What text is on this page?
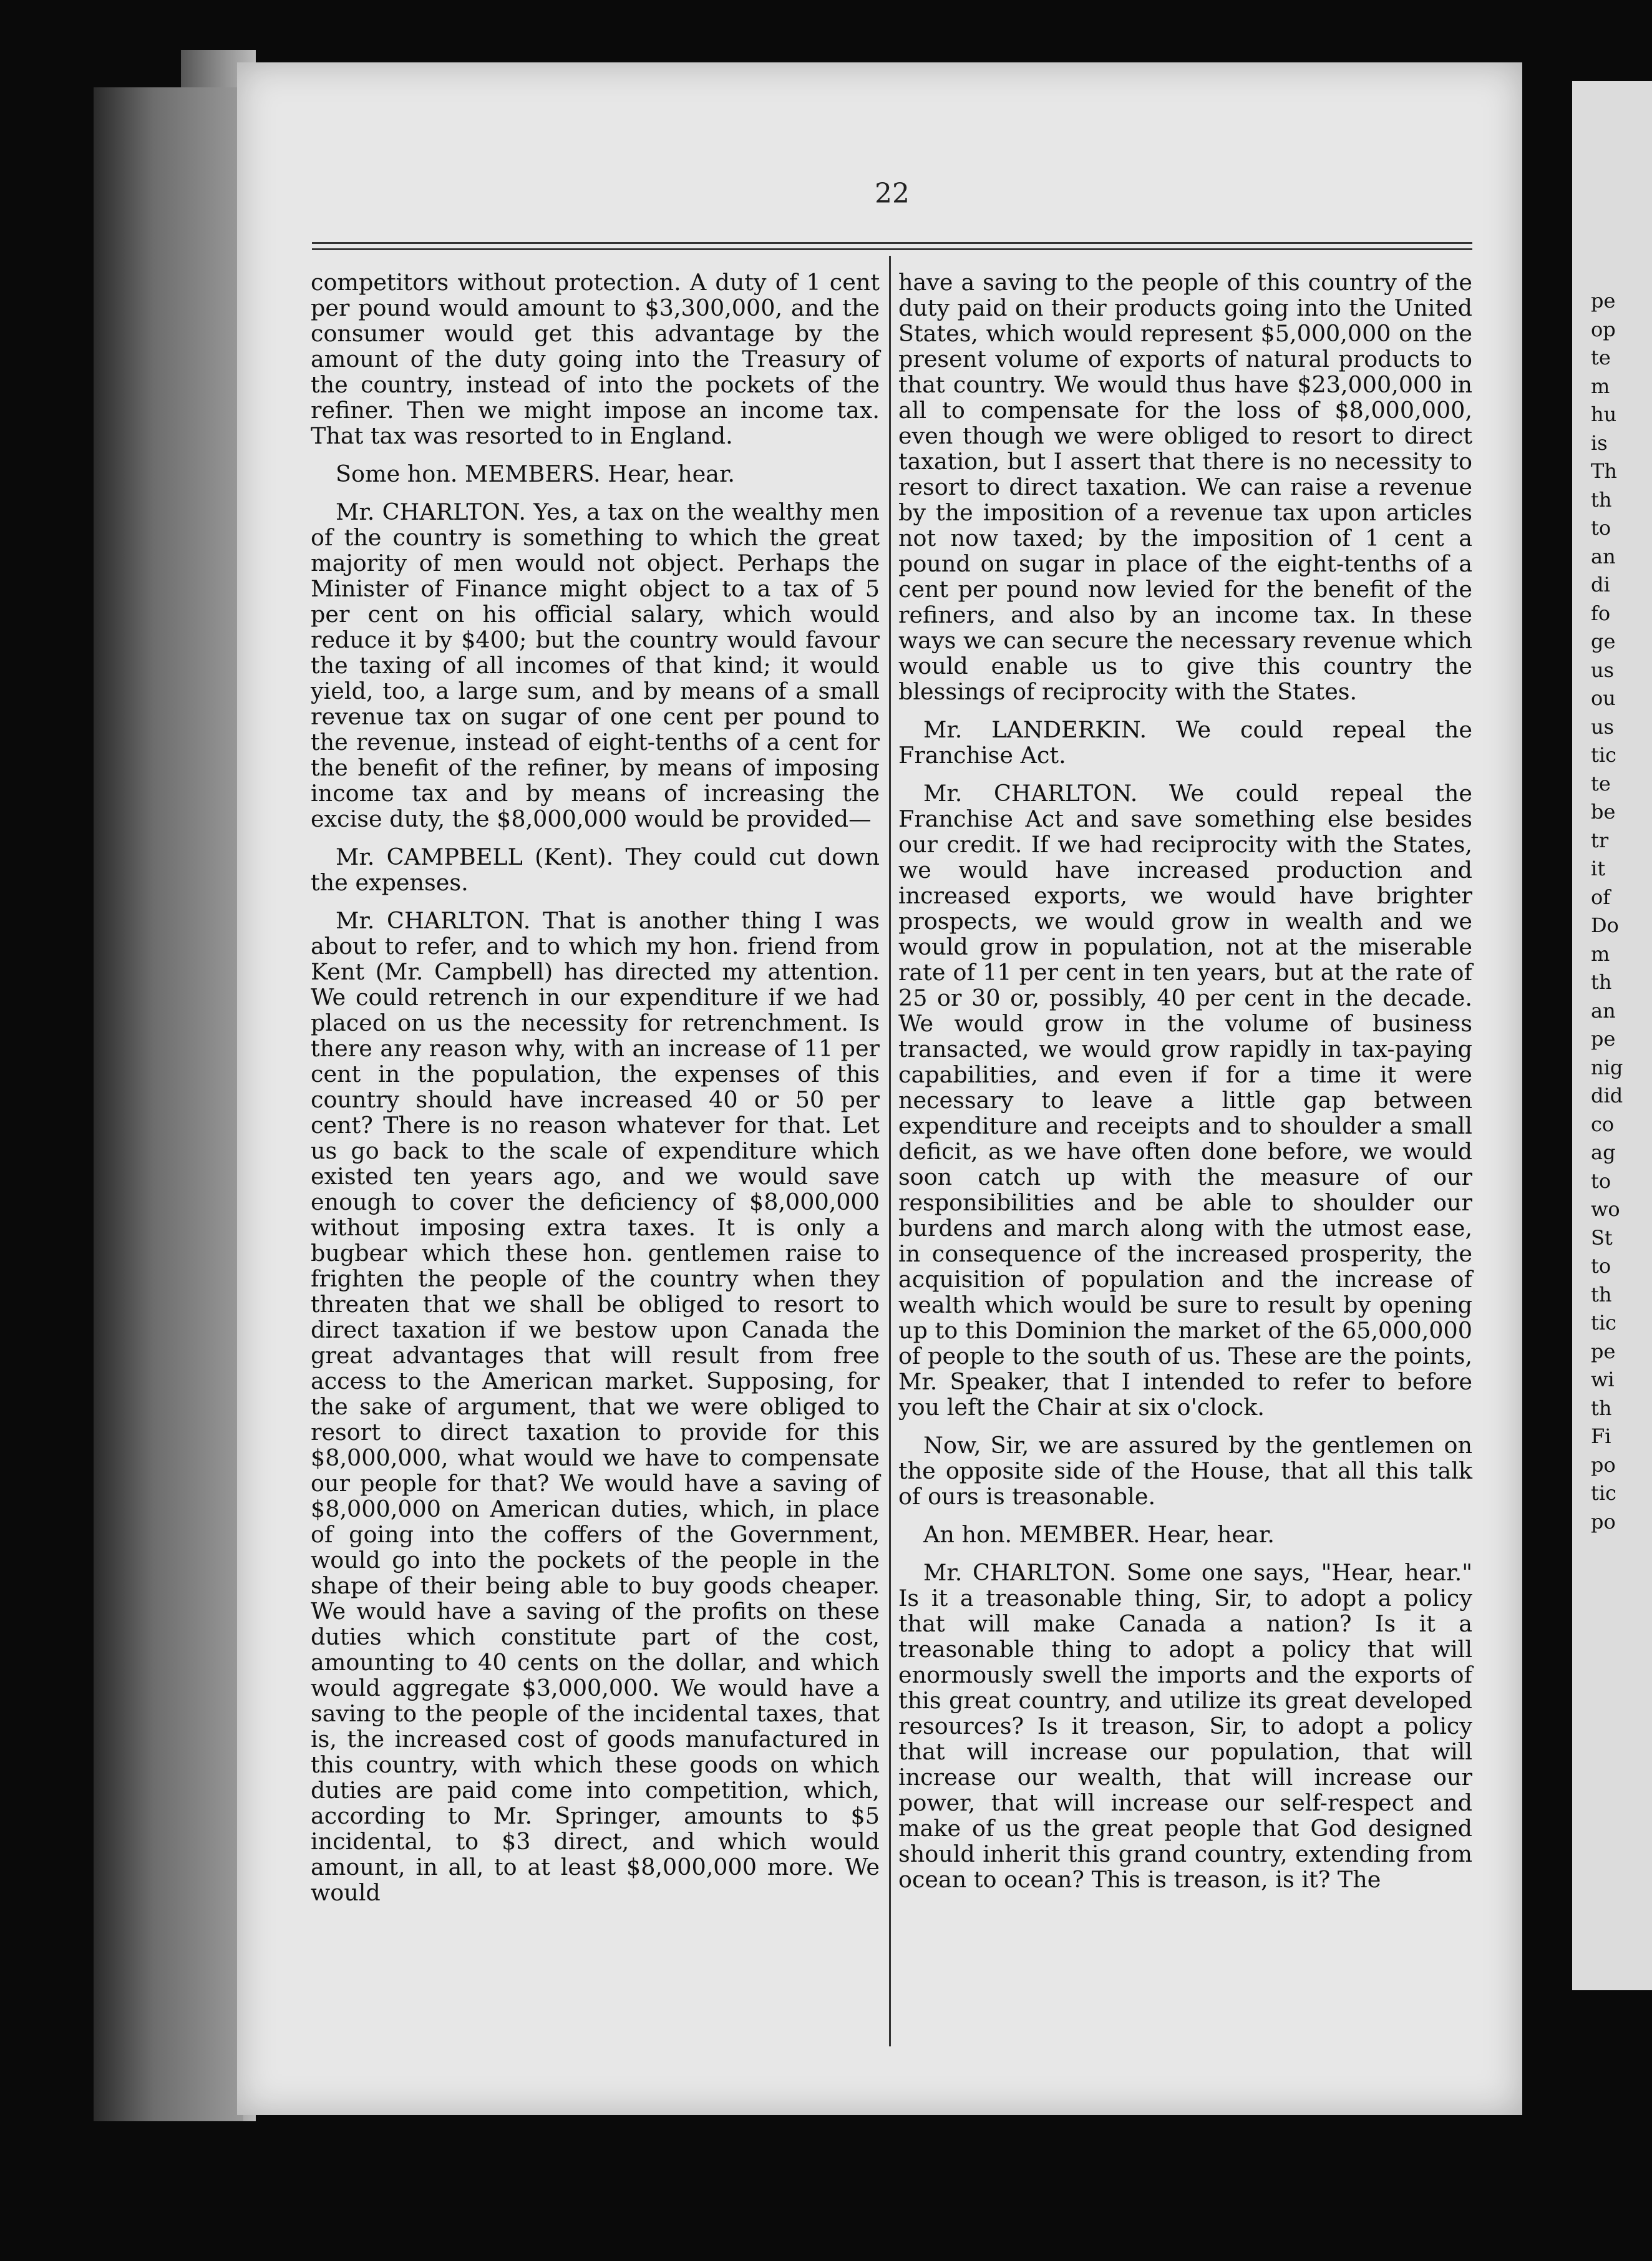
pe
op
te
m
hu
is
Th
th
to
an
di
fo
ge
us
ou
us
tic
te
be
tr
it
of
Do
m
th
an
pe
nig
did
co
ag
to
wo
St
to
th
tic
pe
wi
th
Fi
po
tic
po
22

competitors without protection. A duty of 1 cent per pound would amount to $3,300,000, and the consumer would get this advantage by the amount of the duty going into the Treasury of the country, instead of into the pockets of the refiner. Then we might impose an income tax. That tax was resorted to in England.

Some hon. MEMBERS. Hear, hear.

Mr. CHARLTON. Yes, a tax on the wealthy men of the country is something to which the great majority of men would not object. Perhaps the Minister of Finance might object to a tax of 5 per cent on his official salary, which would reduce it by $400; but the country would favour the taxing of all incomes of that kind; it would yield, too, a large sum, and by means of a small revenue tax on sugar of one cent per pound to the revenue, instead of eight-tenths of a cent for the benefit of the refiner, by means of imposing income tax and by means of increasing the excise duty, the $8,000,000 would be provided—

Mr. CAMPBELL (Kent). They could cut down the expenses.

Mr. CHARLTON. That is another thing I was about to refer, and to which my hon. friend from Kent (Mr. Campbell) has directed my attention. We could retrench in our expenditure if we had placed on us the necessity for retrenchment. Is there any reason why, with an increase of 11 per cent in the population, the expenses of this country should have increased 40 or 50 per cent? There is no reason whatever for that. Let us go back to the scale of expenditure which existed ten years ago, and we would save enough to cover the deficiency of $8,000,000 without imposing extra taxes. It is only a bugbear which these hon. gentlemen raise to frighten the people of the country when they threaten that we shall be obliged to resort to direct taxation if we bestow upon Canada the great advantages that will result from free access to the American market. Supposing, for the sake of argument, that we were obliged to resort to direct taxation to provide for this $8,000,000, what would we have to compensate our people for that? We would have a saving of $8,000,000 on American duties, which, in place of going into the coffers of the Government, would go into the pockets of the people in the shape of their being able to buy goods cheaper. We would have a saving of the profits on these duties which constitute part of the cost, amounting to 40 cents on the dollar, and which would aggregate $3,000,000. We would have a saving to the people of the incidental taxes, that is, the increased cost of goods manufactured in this country, with which these goods on which duties are paid come into competition, which, according to Mr. Springer, amounts to $5 incidental, to $3 direct, and which would amount, in all, to at least $8,000,000 more. We would

have a saving to the people of this country of the duty paid on their products going into the United States, which would represent $5,000,000 on the present volume of exports of natural products to that country. We would thus have $23,000,000 in all to compensate for the loss of $8,000,000, even though we were obliged to resort to direct taxation, but I assert that there is no necessity to resort to direct taxation. We can raise a revenue by the imposition of a revenue tax upon articles not now taxed; by the imposition of 1 cent a pound on sugar in place of the eight-tenths of a cent per pound now levied for the benefit of the refiners, and also by an income tax. In these ways we can secure the necessary revenue which would enable us to give this country the blessings of reciprocity with the States.

Mr. LANDERKIN. We could repeal the Franchise Act.

Mr. CHARLTON. We could repeal the Franchise Act and save something else besides our credit. If we had reciprocity with the States, we would have increased production and increased exports, we would have brighter prospects, we would grow in wealth and we would grow in population, not at the miserable rate of 11 per cent in ten years, but at the rate of 25 or 30 or, possibly, 40 per cent in the decade. We would grow in the volume of business transacted, we would grow rapidly in tax-paying capabilities, and even if for a time it were necessary to leave a little gap between expenditure and receipts and to shoulder a small deficit, as we have often done before, we would soon catch up with the measure of our responsibilities and be able to shoulder our burdens and march along with the utmost ease, in consequence of the increased prosperity, the acquisition of population and the increase of wealth which would be sure to result by opening up to this Dominion the market of the 65,000,000 of people to the south of us. These are the points, Mr. Speaker, that I intended to refer to before you left the Chair at six o'clock.

Now, Sir, we are assured by the gentlemen on the opposite side of the House, that all this talk of ours is treasonable.

An hon. MEMBER. Hear, hear.

Mr. CHARLTON. Some one says, "Hear, hear." Is it a treasonable thing, Sir, to adopt a policy that will make Canada a nation? Is it a treasonable thing to adopt a policy that will enormously swell the imports and the exports of this great country, and utilize its great developed resources? Is it treason, Sir, to adopt a policy that will increase our population, that will increase our wealth, that will increase our power, that will increase our self-respect and make of us the great people that God designed should inherit this grand country, extending from ocean to ocean? This is treason, is it? The
